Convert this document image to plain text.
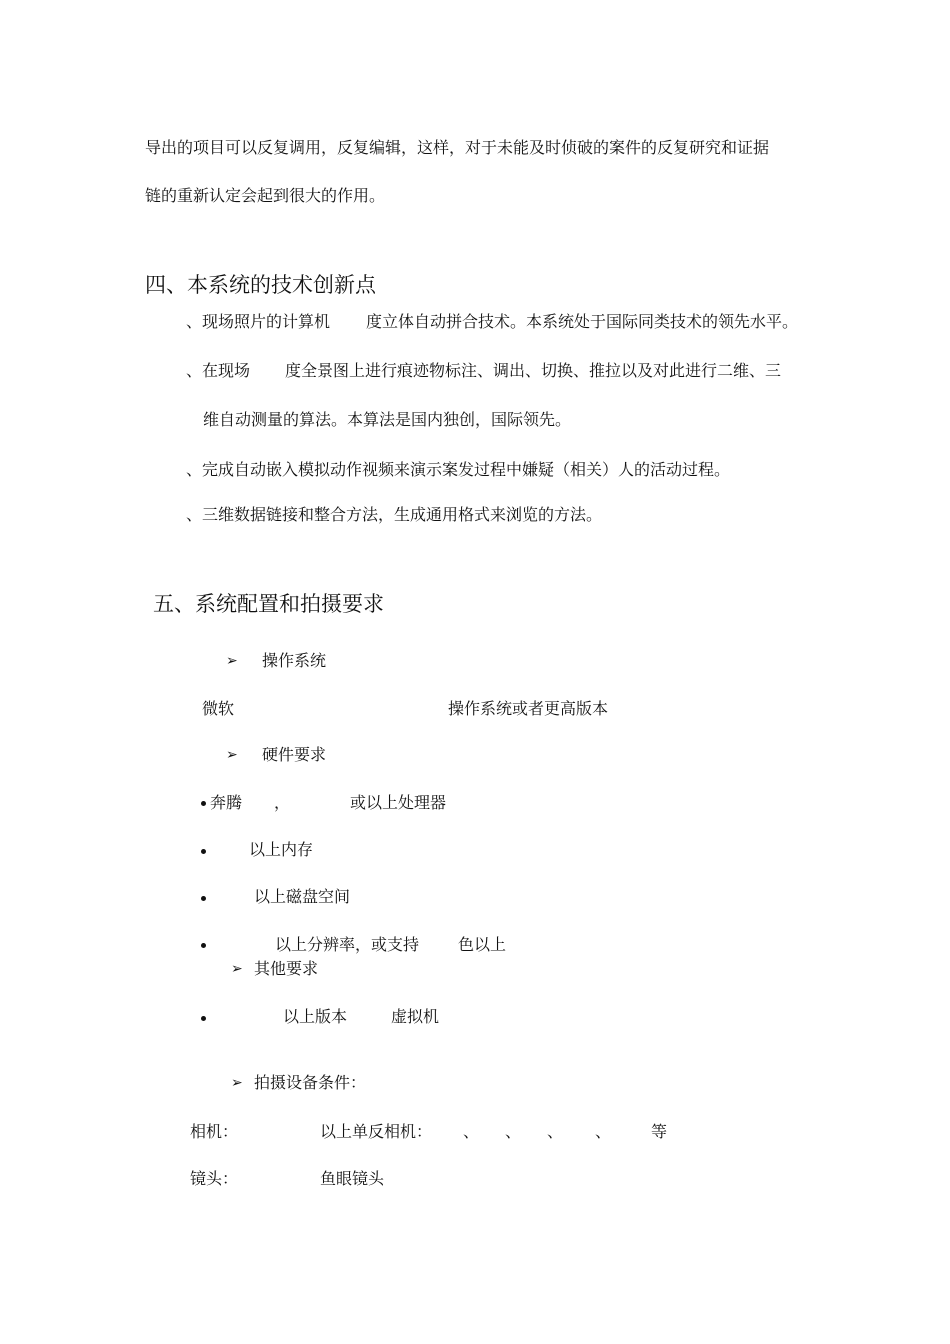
导出的项目可以反复调用，反复编辑，这样，对于未能及时侦破的案件的反复研究和证据
链的重新认定会起到很大的作用。
四、本系统的技术创新点
、现场照片的计算机 度立体自动拼合技术。本系统处于国际同类技术的领先水平。
、在现场 度全景图上进行痕迹物标注、调出、切换、推拉以及对此进行二维、三
维自动测量的算法。本算法是国内独创，国际领先。
、完成自动嵌入模拟动作视频来演示案发过程中嫌疑（相关）人的活动过程。
、三维数据链接和整合方法，生成通用格式来浏览的方法。
五、系统配置和拍摄要求
➢ 操作系统
微软	操作系统或者更高版本
➢ 硬件要求
奔腾 ，	或以上处理器
以上内存
以上磁盘空间
以上分辨率，或支持 色以上
➢ 其他要求
以上版本	虚拟机
➢ 拍摄设备条件：
相机：	以上单反相机： 、 、 、 、 等
镜头：	鱼眼镜头
